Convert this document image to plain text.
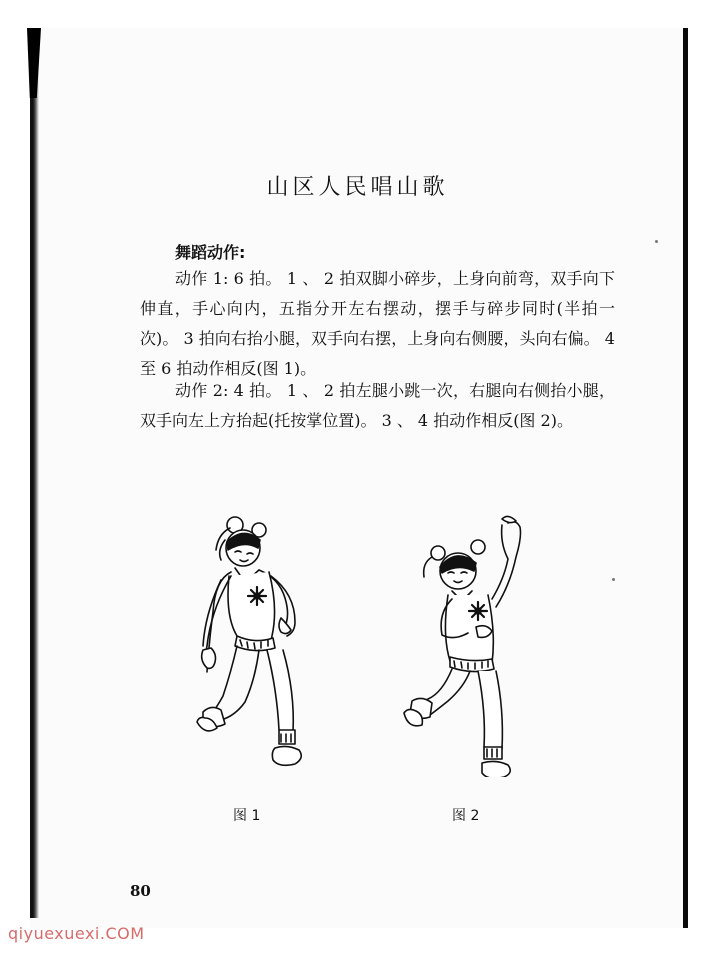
山区人民唱山歌
舞蹈动作:

动作 1: 6 拍。 1 、 2 拍双脚小碎步，上身向前弯，双手向下伸直，手心向内，五指分开左右摆动，摆手与碎步同时(半拍一次)。 3 拍向右抬小腿，双手向右摆，上身向右侧腰，头向右偏。 4 至 6 拍动作相反(图 1)。

动作 2: 4 拍。 1 、 2 拍左腿小跳一次，右腿向右侧抬小腿，双手向左上方抬起(托按掌位置)。 3 、 4 拍动作相反(图 2)。

图 1	图 2
80
qiyuexuexi.COM
